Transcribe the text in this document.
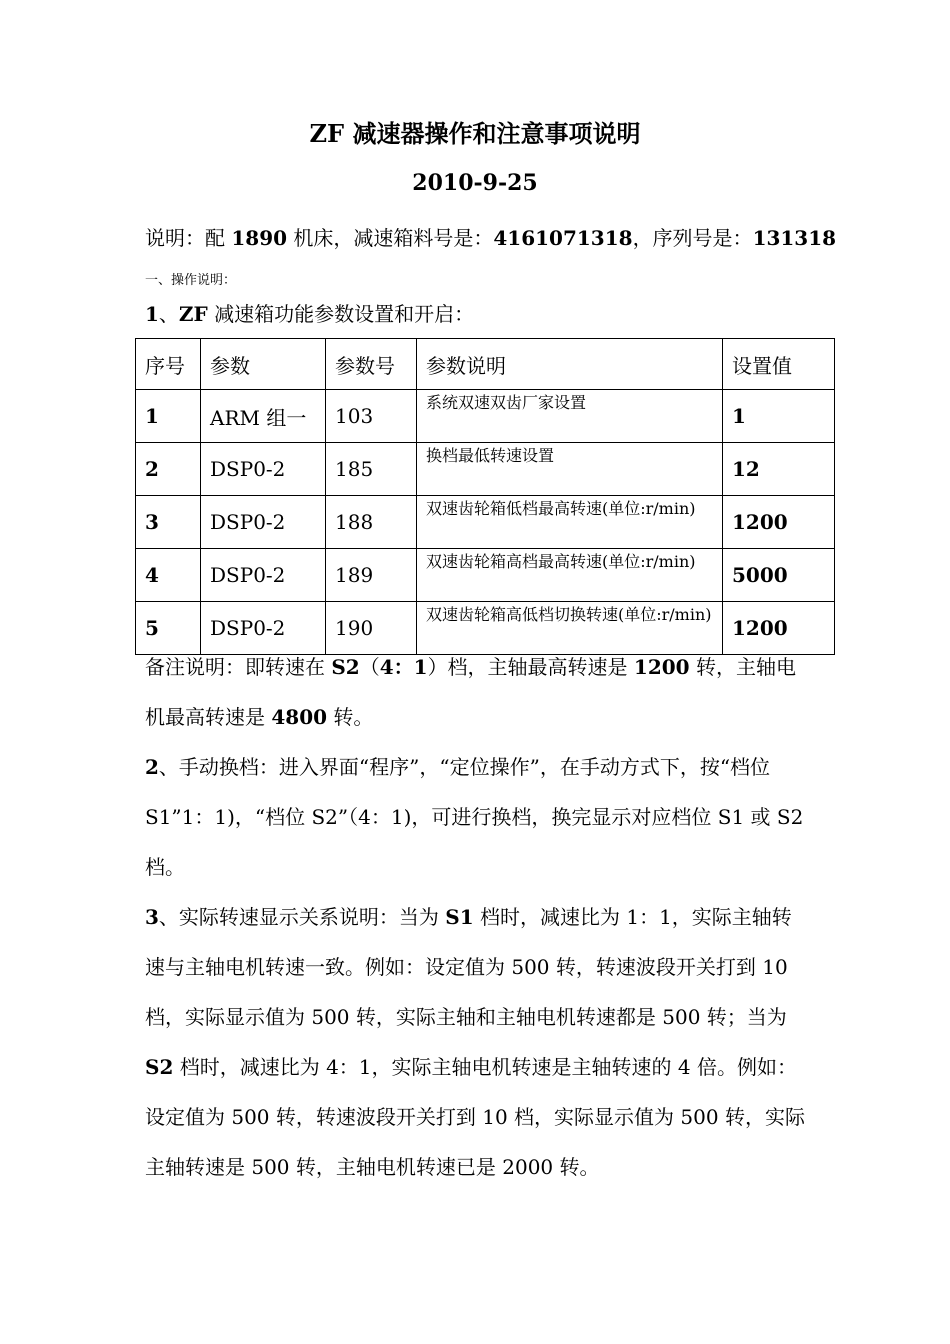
ZF 减速器操作和注意事项说明
2010-9-25
说明：配 1890 机床，减速箱料号是：4161071318，序列号是：131318
一、操作说明：
1、ZF 减速箱功能参数设置和开启：
序号	参数	参数号	参数说明	设置值
1	ARM 组一	103	系统双速双齿厂家设置	1
2	DSP0-2	185	换档最低转速设置	12
3	DSP0-2	188	双速齿轮箱低档最高转速(单位:r/min)	1200
4	DSP0-2	189	双速齿轮箱高档最高转速(单位:r/min)	5000
5	DSP0-2	190	双速齿轮箱高低档切换转速(单位:r/min)	1200
备注说明：即转速在 S2（4：1）档，主轴最高转速是 1200 转，主轴电机最高转速是 4800 转。
2、手动换档：进入界面“程序”，“定位操作”，在手动方式下，按“档位 S1”1：1)，“档位 S2”（4：1)，可进行换档，换完显示对应档位 S1 或 S2 档。
3、实际转速显示关系说明：当为 S1 档时，减速比为 1：1，实际主轴转速与主轴电机转速一致。例如：设定值为 500 转，转速波段开关打到 10 档，实际显示值为 500 转，实际主轴和主轴电机转速都是 500 转；当为 S2 档时，减速比为 4：1，实际主轴电机转速是主轴转速的 4 倍。例如：设定值为 500 转，转速波段开关打到 10 档，实际显示值为 500 转，实际主轴转速是 500 转，主轴电机转速已是 2000 转。
